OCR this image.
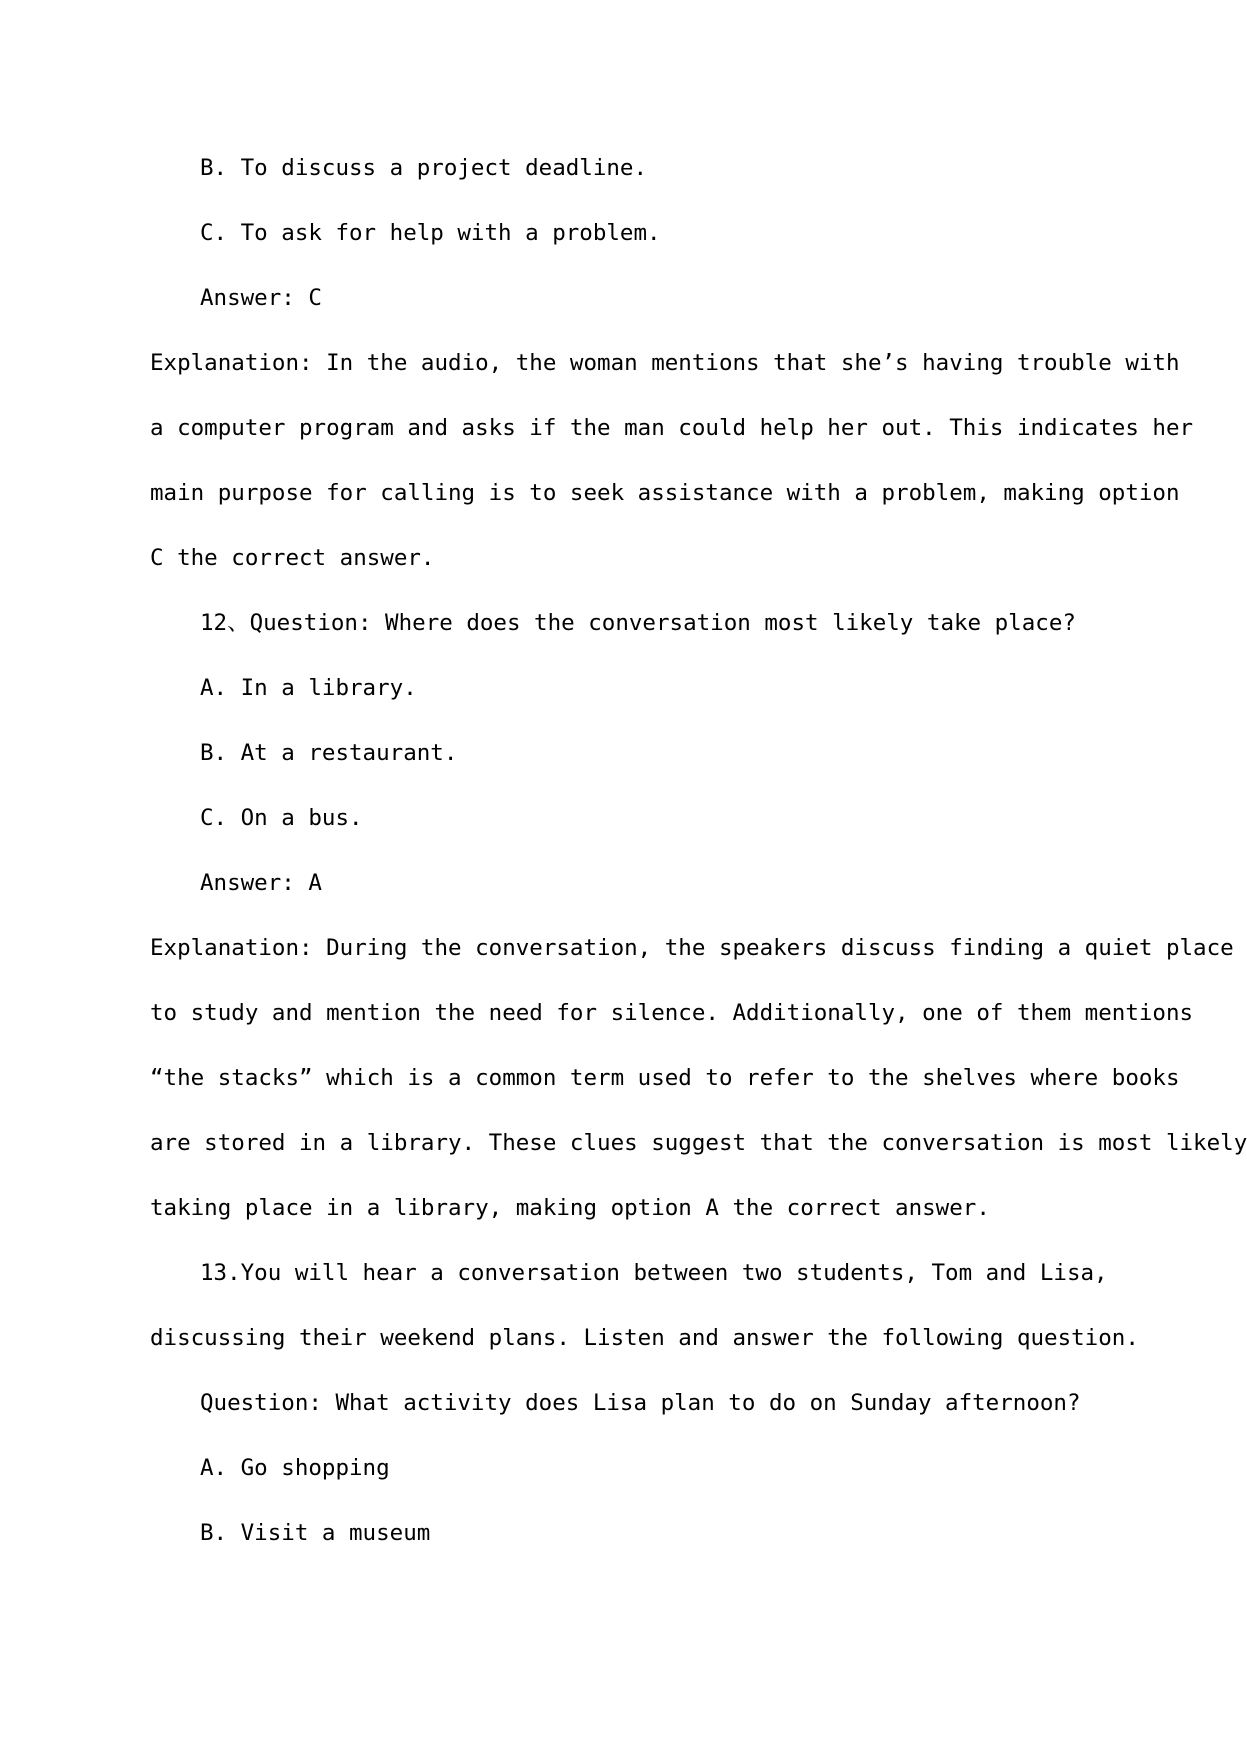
B. To discuss a project deadline.
C. To ask for help with a problem.
Answer: C
Explanation: In the audio, the woman mentions that she’s having trouble with
a computer program and asks if the man could help her out. This indicates her
main purpose for calling is to seek assistance with a problem, making option
C the correct answer.
12、Question: Where does the conversation most likely take place?
A. In a library.
B. At a restaurant.
C. On a bus.
Answer: A
Explanation: During the conversation, the speakers discuss finding a quiet place
to study and mention the need for silence. Additionally, one of them mentions
“the stacks” which is a common term used to refer to the shelves where books
are stored in a library. These clues suggest that the conversation is most likely
taking place in a library, making option A the correct answer.
13.You will hear a conversation between two students, Tom and Lisa,
discussing their weekend plans. Listen and answer the following question.
Question: What activity does Lisa plan to do on Sunday afternoon?
A. Go shopping
B. Visit a museum
